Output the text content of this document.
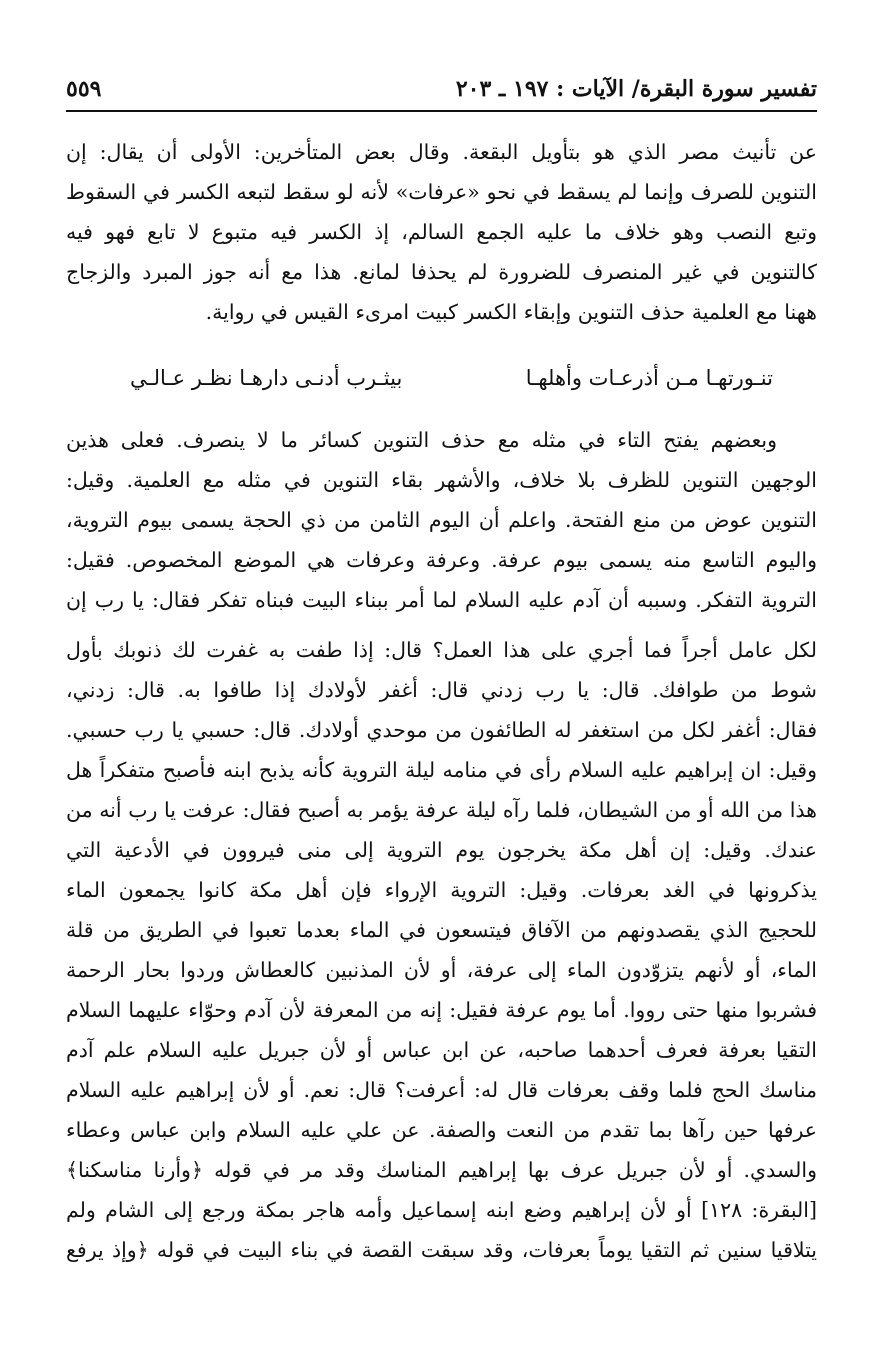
٥٥٩	تفسير سورة البقرة/ الآيات : ١٩٧ ـ ٢٠٣
عن تأنيث مصر الذي هو بتأويل البقعة. وقال بعض المتأخرين: الأولى أن يقال: إن
التنوين للصرف وإنما لم يسقط في نحو «عرفات» لأنه لو سقط لتبعه الكسر في السقوط
وتبع النصب وهو خلاف ما عليه الجمع السالم، إذ الكسر فيه متبوع لا تابع فهو فيه
كالتنوين في غير المنصرف للضرورة لم يحذفا لمانع. هذا مع أنه جوز المبرد والزجاج
ههنا مع العلمية حذف التنوين وإبقاء الكسر كبيت امرىء القيس في رواية.
تنـورتهـا مـن أذرعـات وأهلهـا
بيثـرب أدنـى دارهـا نظـر عـالـي
وبعضهم يفتح التاء في مثله مع حذف التنوين كسائر ما لا ينصرف. فعلى هذين
الوجهين التنوين للظرف بلا خلاف، والأشهر بقاء التنوين في مثله مع العلمية. وقيل:
التنوين عوض من منع الفتحة. واعلم أن اليوم الثامن من ذي الحجة يسمى بيوم التروية،
واليوم التاسع منه يسمى بيوم عرفة. وعرفة وعرفات هي الموضع المخصوص. فقيل:
التروية التفكر. وسببه أن آدم عليه السلام لما أمر ببناء البيت فبناه تفكر فقال: يا رب إن
لكل عامل أجراً فما أجري على هذا العمل؟ قال: إذا طفت به غفرت لك ذنوبك بأول
شوط من طوافك. قال: يا رب زدني قال: أغفر لأولادك إذا طافوا به. قال: زدني،
فقال: أغفر لكل من استغفر له الطائفون من موحدي أولادك. قال: حسبي يا رب حسبي.
وقيل: ان إبراهيم عليه السلام رأى في منامه ليلة التروية كأنه يذبح ابنه فأصبح متفكراً هل
هذا من الله أو من الشيطان، فلما رآه ليلة عرفة يؤمر به أصبح فقال: عرفت يا رب أنه من
عندك. وقيل: إن أهل مكة يخرجون يوم التروية إلى منى فيروون في الأدعية التي
يذكرونها في الغد بعرفات. وقيل: التروية الإرواء فإن أهل مكة كانوا يجمعون الماء
للحجيج الذي يقصدونهم من الآفاق فيتسعون في الماء بعدما تعبوا في الطريق من قلة
الماء، أو لأنهم يتزوّدون الماء إلى عرفة، أو لأن المذنبين كالعطاش وردوا بحار الرحمة
فشربوا منها حتى رووا. أما يوم عرفة فقيل: إنه من المعرفة لأن آدم وحوّاء عليهما السلام
التقيا بعرفة فعرف أحدهما صاحبه، عن ابن عباس أو لأن جبريل عليه السلام علم آدم
مناسك الحج فلما وقف بعرفات قال له: أعرفت؟ قال: نعم. أو لأن إبراهيم عليه السلام
عرفها حين رآها بما تقدم من النعت والصفة. عن علي عليه السلام وابن عباس وعطاء
والسدي. أو لأن جبريل عرف بها إبراهيم المناسك وقد مر في قوله ﴿وأرنا مناسكنا﴾
[البقرة: ١٢٨] أو لأن إبراهيم وضع ابنه إسماعيل وأمه هاجر بمكة ورجع إلى الشام ولم
يتلاقيا سنين ثم التقيا يوماً بعرفات، وقد سبقت القصة في بناء البيت في قوله ﴿وإذ يرفع
